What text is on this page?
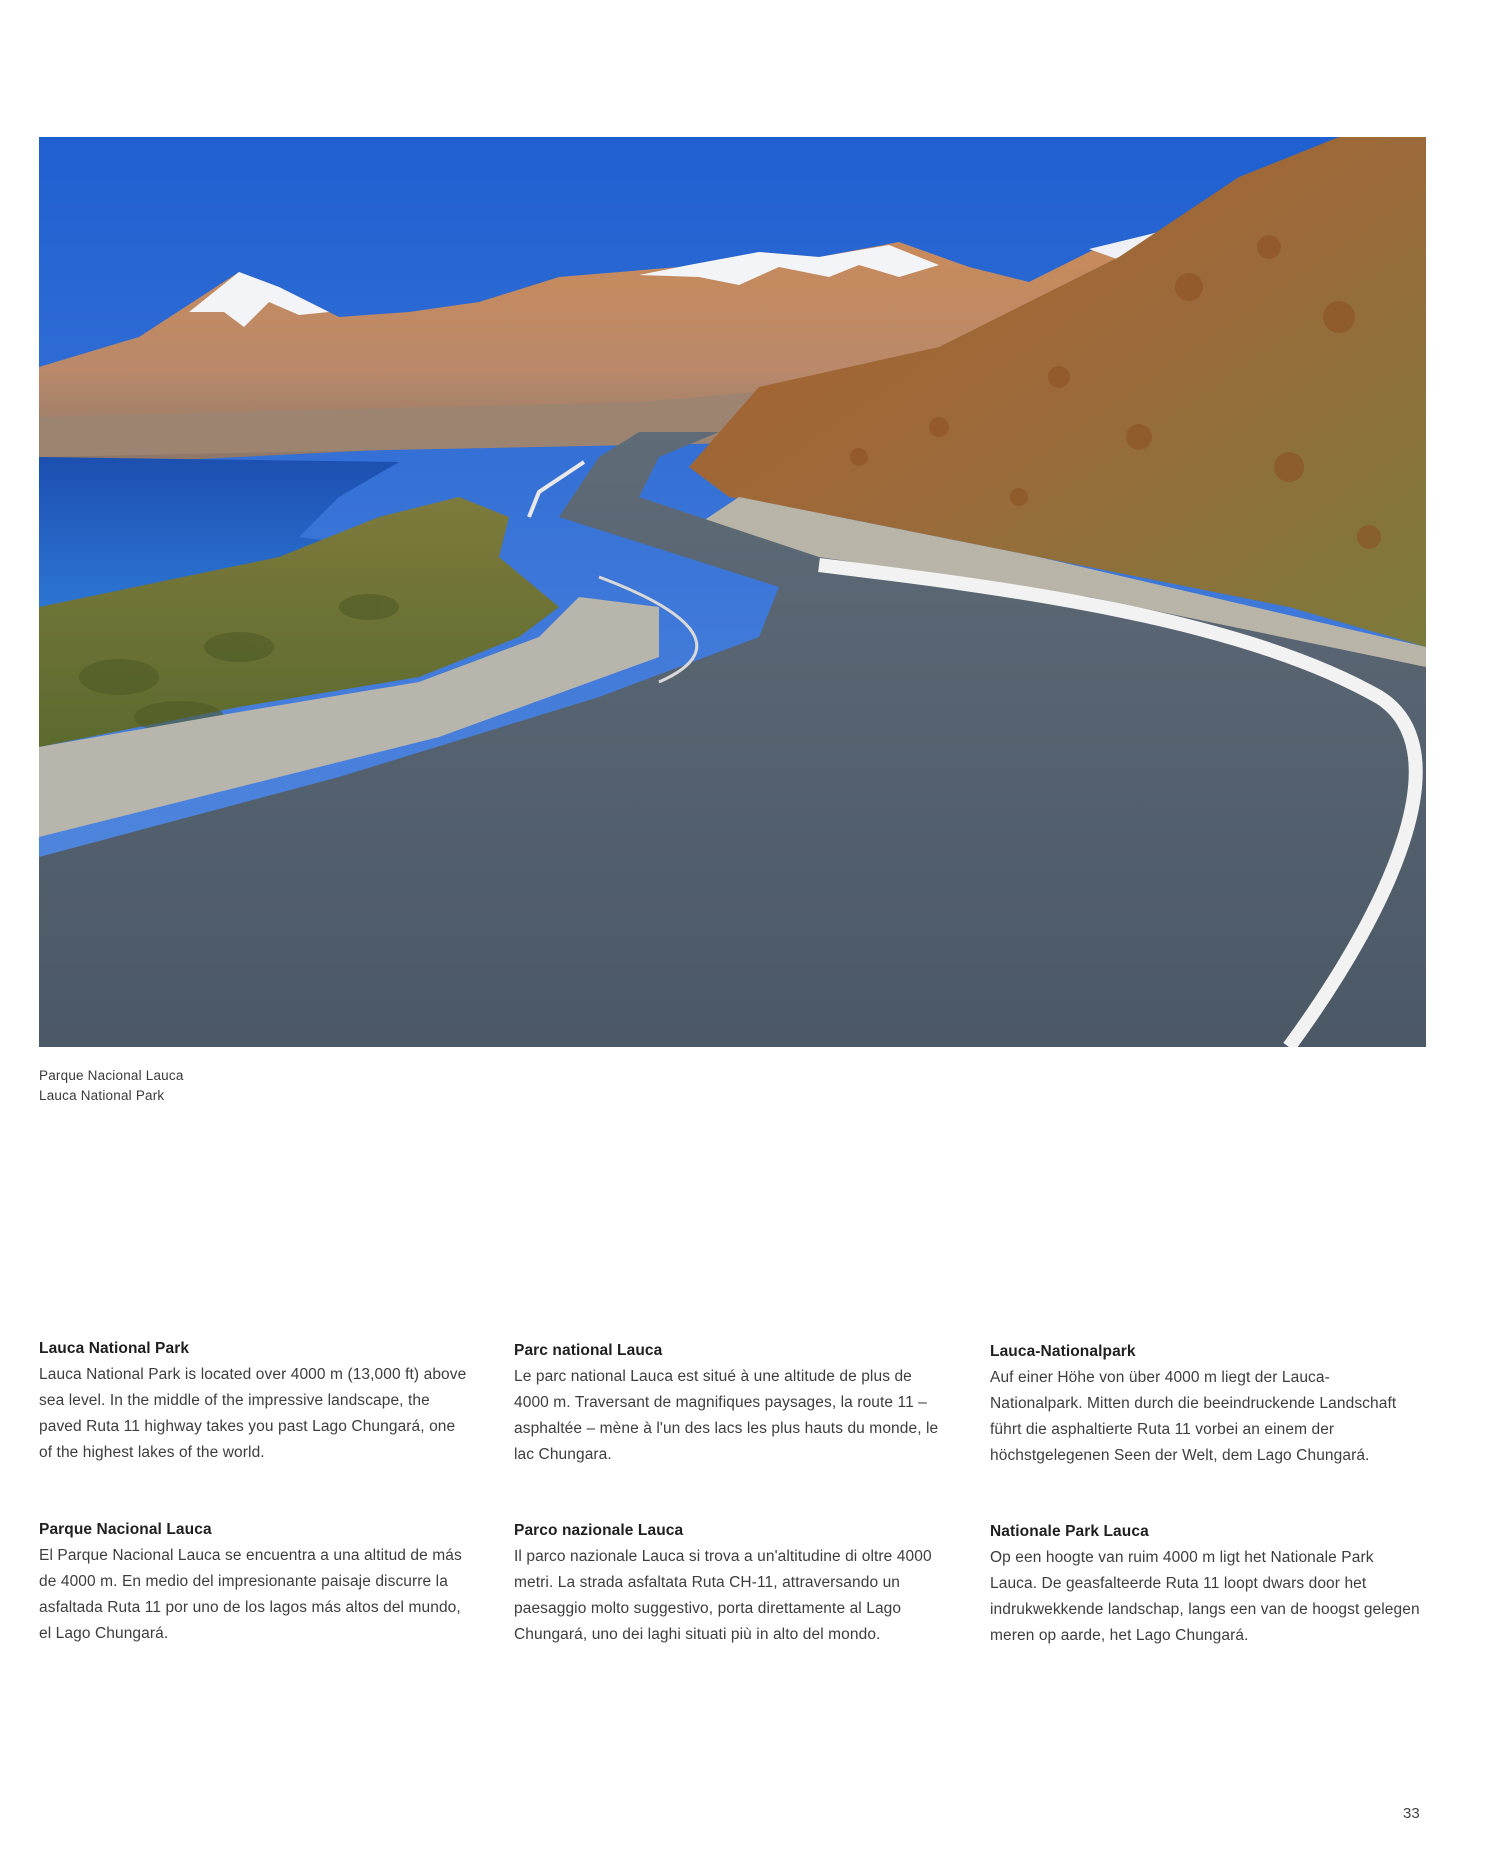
Parque Nacional Lauca
Lauca National Park
Lauca National Park

Lauca National Park is located over 4000 m (13,000 ft) above sea level. In the middle of the impressive landscape, the paved Ruta 11 highway takes you past Lago Chungará, one of the highest lakes of the world.

Parc national Lauca

Le parc national Lauca est situé à une altitude de plus de 4000 m. Traversant de magnifiques paysages, la route 11 – asphaltée – mène à l'un des lacs les plus hauts du monde, le lac Chungara.

Lauca-Nationalpark

Auf einer Höhe von über 4000 m liegt der Lauca-Nationalpark. Mitten durch die beeindruckende Landschaft führt die asphaltierte Ruta 11 vorbei an einem der höchstgelegenen Seen der Welt, dem Lago Chungará.

Parque Nacional Lauca

El Parque Nacional Lauca se encuentra a una altitud de más de 4000 m. En medio del impresionante paisaje discurre la asfaltada Ruta 11 por uno de los lagos más altos del mundo, el Lago Chungará.

Parco nazionale Lauca

Il parco nazionale Lauca si trova a un'altitudine di oltre 4000 metri. La strada asfaltata Ruta CH-11, attraversando un paesaggio molto suggestivo, porta direttamente al Lago Chungará, uno dei laghi situati più in alto del mondo.

Nationale Park Lauca

Op een hoogte van ruim 4000 m ligt het Nationale Park Lauca. De geasfalteerde Ruta 11 loopt dwars door het indrukwekkende landschap, langs een van de hoogst gelegen meren op aarde, het Lago Chungará.

33
